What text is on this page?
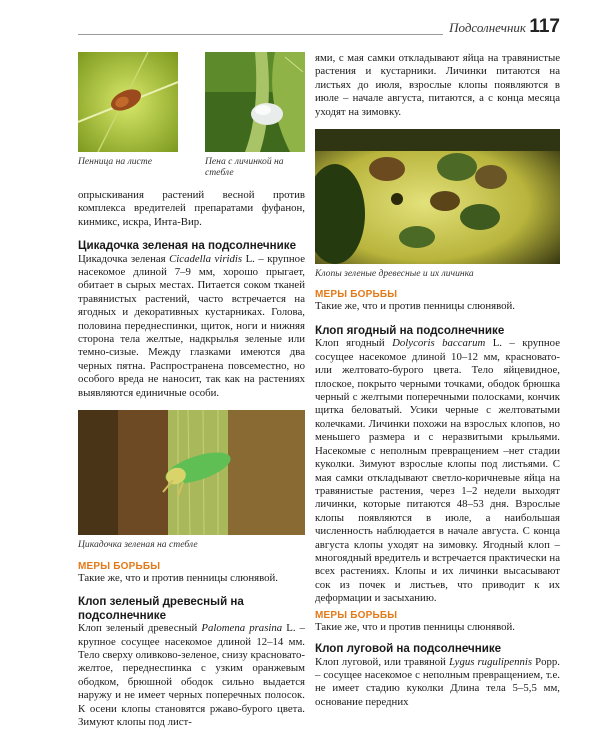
Подсолнечник 117
Пенница на листе	Пена с личинкой на стебле

опрыскивания растений весной против комплекса вредителей препаратами фуфанон, кинмикс, искра, Инта-Вир.

Цикадочка зеленая на подсолнечнике

Цикадочка зеленая Cicadella viridis L. – крупное насекомое длиной 7–9 мм, хорошо прыгает, обитает в сырых местах. Питается соком тканей травянистых растений, часто встречается на ягодных и декоративных кустарниках. Голова, половина переднеспинки, щиток, ноги и нижняя сторона тела желтые, надкрылья зеленые или темно-сизые. Между глазками имеются два черных пятна. Распространена повсеместно, но особого вреда не наносит, так как на растениях выявляются единичные особи.

Цикадочка зеленая на стебле
МЕРЫ БОРЬБЫ

Такие же, что и против пенницы слюнявой.

Клоп зеленый древесный на подсолнечнике

Клоп зеленый древесный Palomena prasina L. – крупное сосущее насекомое длиной 12–14 мм. Тело сверху оливково-зеленое, снизу красновато-желтое, переднеспинка с узким оранжевым ободком, брюшной ободок сильно выдается наружу и не имеет черных поперечных полосок. К осени клопы становятся ржаво-бурого цвета. Зимуют клопы под лист-

ями, с мая самки откладывают яйца на травянистые растения и кустарники. Личинки питаются на листьях до июля, взрослые клопы появляются в июле – начале августа, питаются, а с конца месяца уходят на зимовку.

Клопы зеленые древесные и их личинка
МЕРЫ БОРЬБЫ

Такие же, что и против пенницы слюнявой.

Клоп ягодный на подсолнечнике

Клоп ягодный Dolycoris baccarum L. – крупное сосущее насекомое длиной 10–12 мм, красновато- или желтовато-бурого цвета. Тело яйцевидное, плоское, покрыто черными точками, ободок брюшка черный с желтыми поперечными полосками, кончик щитка беловатый. Усики черные с желтоватыми колечками. Личинки похожи на взрослых клопов, но меньшего размера и с неразвитыми крыльями. Насекомые с неполным превращением –нет стадии куколки. Зимуют взрослые клопы под листьями. С мая самки откладывают светло-коричневые яйца на травянистые растения, через 1–2 недели выходят личинки, которые питаются 48–53 дня. Взрослые клопы появляются в июле, а наибольшая численность наблюдается в начале августа. С конца августа клопы уходят на зимовку. Ягодный клоп – многоядный вредитель и встречается практически на всех растениях. Клопы и их личинки высасывают сок из почек и листьев, что приводит к их деформации и засыханию.

МЕРЫ БОРЬБЫ

Такие же, что и против пенницы слюнявой.

Клоп луговой на подсолнечнике

Клоп луговой, или травяной Lygus rugulipennis Popp. – сосущее насекомое с неполным превращением, т.е. не имеет стадию куколки Длина тела 5–5,5 мм, основание передних
